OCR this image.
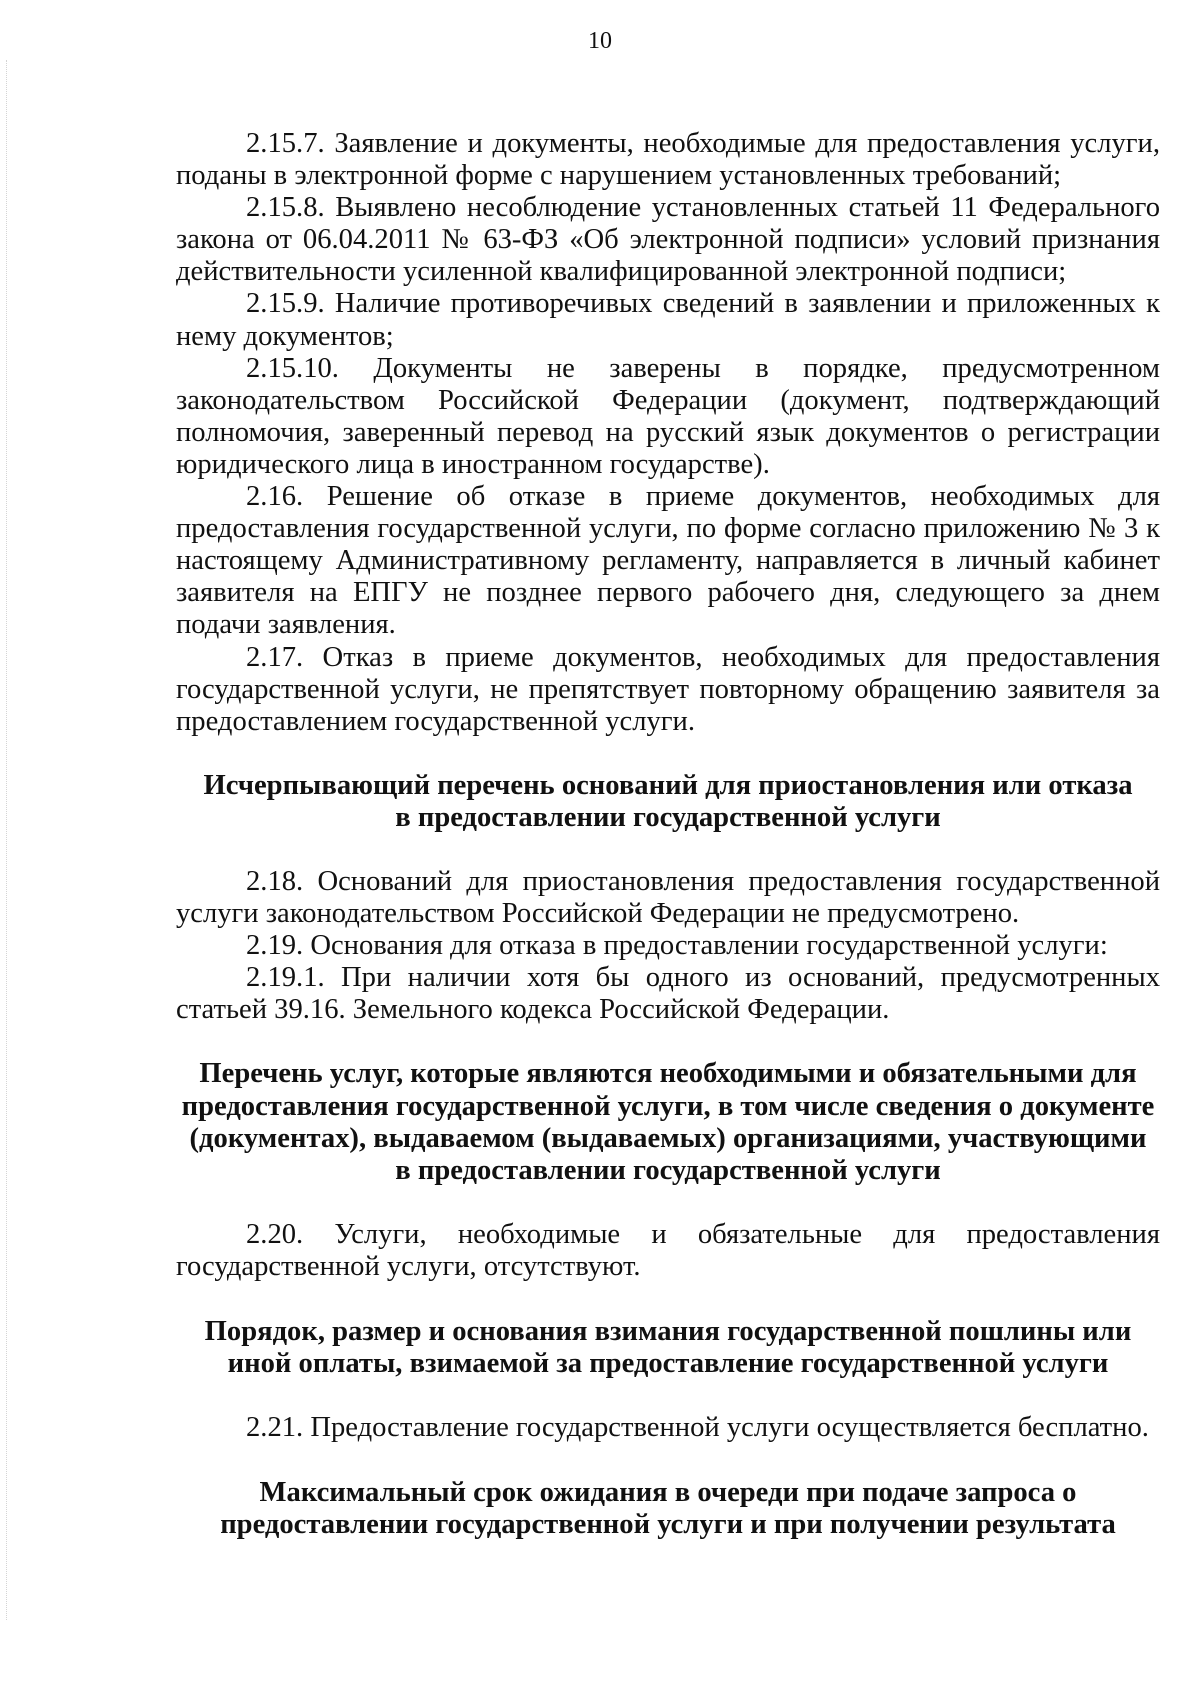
10

2.15.7. Заявление и документы, необходимые для предоставления услуги, поданы в электронной форме с нарушением установленных требований;

2.15.8. Выявлено несоблюдение установленных статьей 11 Федерального закона от 06.04.2011 № 63-ФЗ «Об электронной подписи» условий признания действительности усиленной квалифицированной электронной подписи;

2.15.9. Наличие противоречивых сведений в заявлении и приложенных к нему документов;

2.15.10. Документы не заверены в порядке, предусмотренном законодательством Российской Федерации (документ, подтверждающий полномочия, заверенный перевод на русский язык документов о регистрации юридического лица в иностранном государстве).

2.16. Решение об отказе в приеме документов, необходимых для предоставления государственной услуги, по форме согласно приложению № 3 к настоящему Административному регламенту, направляется в личный кабинет заявителя на ЕПГУ не позднее первого рабочего дня, следующего за днем подачи заявления.

2.17. Отказ в приеме документов, необходимых для предоставления государственной услуги, не препятствует повторному обращению заявителя за предоставлением государственной услуги.

Исчерпывающий перечень оснований для приостановления или отказа

в предоставлении государственной услуги

2.18. Оснований для приостановления предоставления государственной услуги законодательством Российской Федерации не предусмотрено.

2.19. Основания для отказа в предоставлении государственной услуги:

2.19.1. При наличии хотя бы одного из оснований, предусмотренных статьей 39.16. Земельного кодекса Российской Федерации.

Перечень услуг, которые являются необходимыми и обязательными для

предоставления государственной услуги, в том числе сведения о документе

(документах), выдаваемом (выдаваемых) организациями, участвующими

в предоставлении государственной услуги

2.20. Услуги, необходимые и обязательные для предоставления государственной услуги, отсутствуют.

Порядок, размер и основания взимания государственной пошлины или

иной оплаты, взимаемой за предоставление государственной услуги

2.21. Предоставление государственной услуги осуществляется бесплатно.

Максимальный срок ожидания в очереди при подаче запроса о

предоставлении государственной услуги и при получении результата
